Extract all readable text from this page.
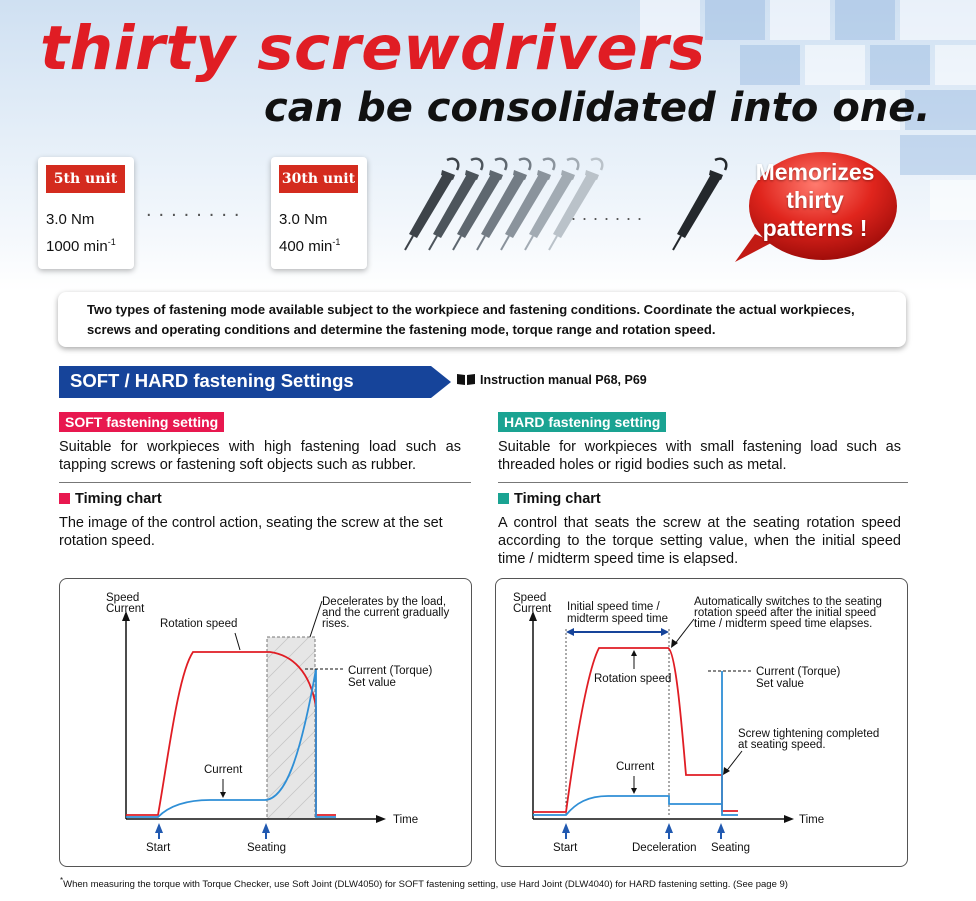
thirty screwdrivers
can be consolidated into one.
5th unit
3.0 Nm
1000 $\min^{-1}$
........
30th unit
3.0 Nm
400 $\min^{-1}$
.......
Memorizes
thirty
patterns !

Two types of fastening mode available subject to the workpiece and fastening conditions. Coordinate the actual workpieces, screws and operating conditions and determine the fastening mode, torque range and rotation speed.

SOFT / HARD fastening Settings	Instruction manual P68, P69
SOFT fastening setting
Suitable for workpieces with high fastening load such as tapping screws or fastening soft objects such as rubber.
Timing chart
The image of the control action, seating the screw at the set rotation speed.
Speed
Current
Time
Rotation speed
Current
Decelerates by the load,
and the current gradually
rises.
Current (Torque)
Set value
Start	Seating
HARD fastening setting
Suitable for workpieces with small fastening load such as threaded holes or rigid bodies such as metal.
Timing chart
A control that seats the screw at the seating rotation speed according to the torque setting value, when the initial speed time / midterm speed time is elapsed.
Speed
Current
Time
Initial speed time /
midterm speed time
Automatically switches to the seating
rotation speed after the initial speed
time / midterm speed time elapses.
Rotation speed
Current
Current (Torque)
Set value
Screw tightening completed
at seating speed.
Start	Deceleration Seating
*When measuring the torque with Torque Checker, use Soft Joint (DLW4050) for SOFT fastening setting, use Hard Joint (DLW4040) for HARD fastening setting. (See page 9)
